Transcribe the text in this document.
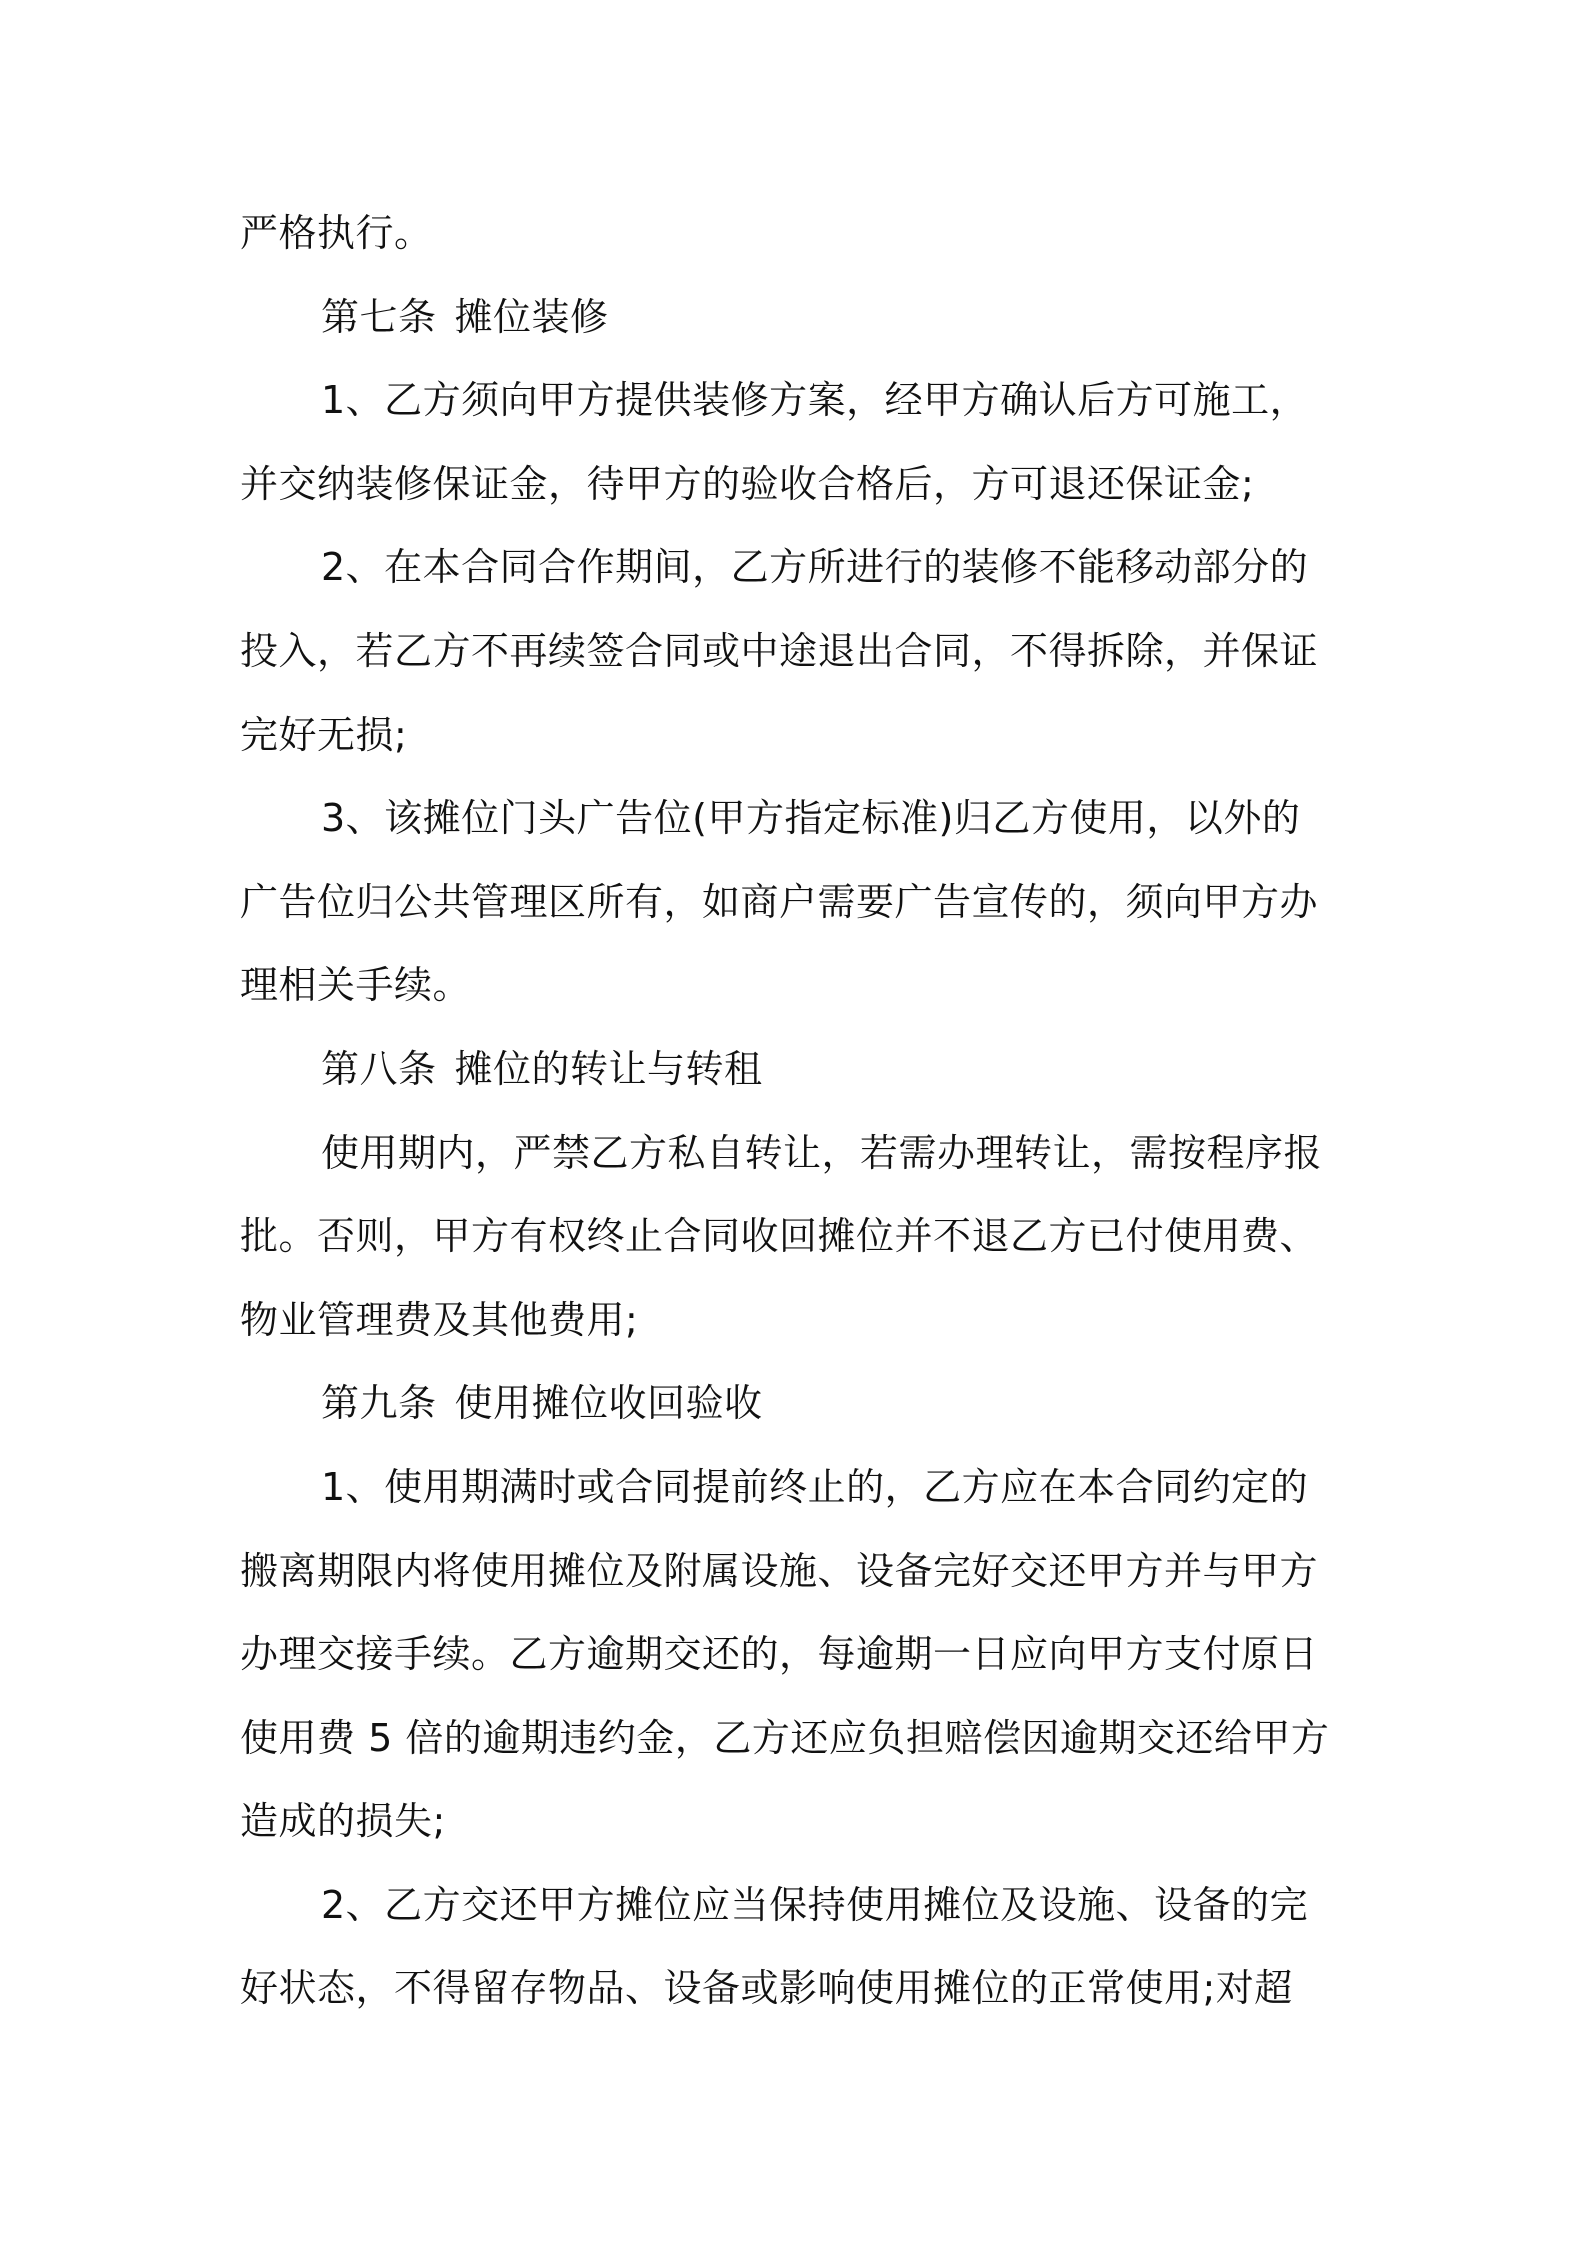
严格执行。

第七条 摊位装修

1、乙方须向甲方提供装修方案，经甲方确认后方可施工，

并交纳装修保证金，待甲方的验收合格后，方可退还保证金;

2、在本合同合作期间，乙方所进行的装修不能移动部分的

投入，若乙方不再续签合同或中途退出合同，不得拆除，并保证

完好无损;

3、该摊位门头广告位(甲方指定标准)归乙方使用，以外的

广告位归公共管理区所有，如商户需要广告宣传的，须向甲方办

理相关手续。

第八条 摊位的转让与转租

使用期内，严禁乙方私自转让，若需办理转让，需按程序报

批。否则，甲方有权终止合同收回摊位并不退乙方已付使用费、

物业管理费及其他费用;

第九条 使用摊位收回验收

1、使用期满时或合同提前终止的，乙方应在本合同约定的

搬离期限内将使用摊位及附属设施、设备完好交还甲方并与甲方

办理交接手续。乙方逾期交还的，每逾期一日应向甲方支付原日

使用费 5 倍的逾期违约金，乙方还应负担赔偿因逾期交还给甲方

造成的损失;

2、乙方交还甲方摊位应当保持使用摊位及设施、设备的完

好状态，不得留存物品、设备或影响使用摊位的正常使用;对超
